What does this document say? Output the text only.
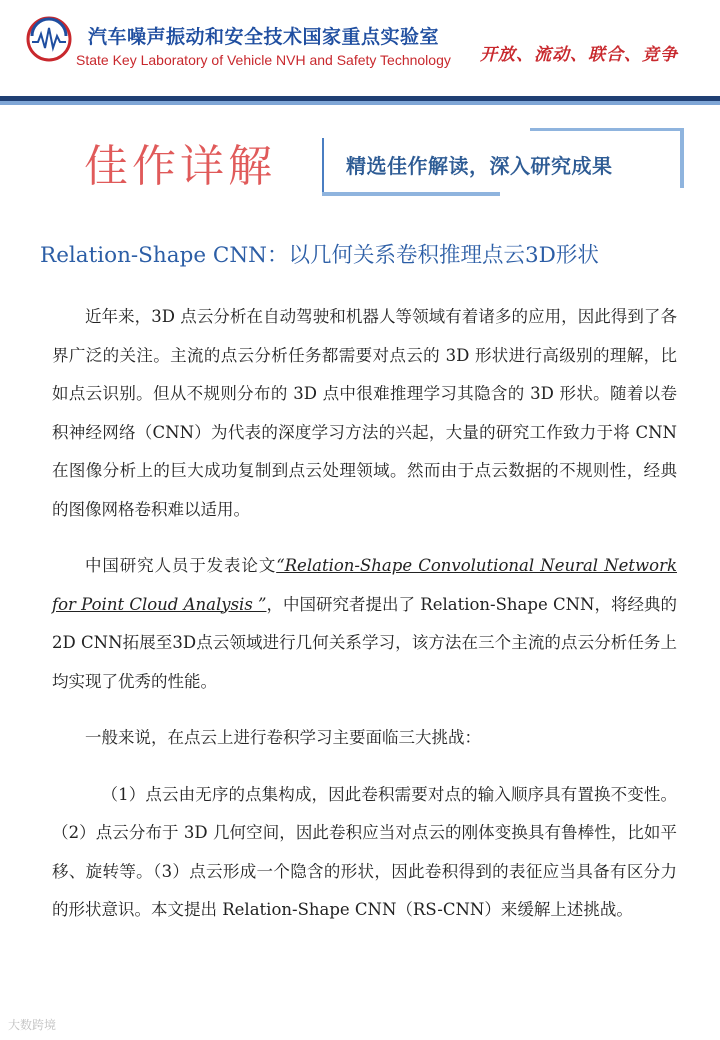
汽车噪声振动和安全技术国家重点实验室
State Key Laboratory of Vehicle NVH and Safety Technology 开放、流动、联合、竞争
佳作详解	精选佳作解读，深入研究成果
Relation-Shape CNN：以几何关系卷积推理点云3D形状

近年来，3D 点云分析在自动驾驶和机器人等领域有着诸多的应用，因此得到了各界广泛的关注。主流的点云分析任务都需要对点云的 3D 形状进行高级别的理解，比如点云识别。但从不规则分布的 3D 点中很难推理学习其隐含的 3D 形状。随着以卷积神经网络（CNN）为代表的深度学习方法的兴起，大量的研究工作致力于将 CNN 在图像分析上的巨大成功复制到点云处理领域。然而由于点云数据的不规则性，经典的图像网格卷积难以适用。

中国研究人员于发表论文“Relation-Shape Convolutional Neural Network for Point Cloud Analysis ”，中国研究者提出了 Relation-Shape CNN，将经典的2D CNN拓展至3D点云领域进行几何关系学习，该方法在三个主流的点云分析任务上均实现了优秀的性能。

一般来说，在点云上进行卷积学习主要面临三大挑战：

（1）点云由无序的点集构成，因此卷积需要对点的输入顺序具有置换不变性。（2）点云分布于 3D 几何空间，因此卷积应当对点云的刚体变换具有鲁棒性，比如平移、旋转等。（3）点云形成一个隐含的形状，因此卷积得到的表征应当具备有区分力的形状意识。本文提出 Relation-Shape CNN（RS-CNN）来缓解上述挑战。

大数跨境
